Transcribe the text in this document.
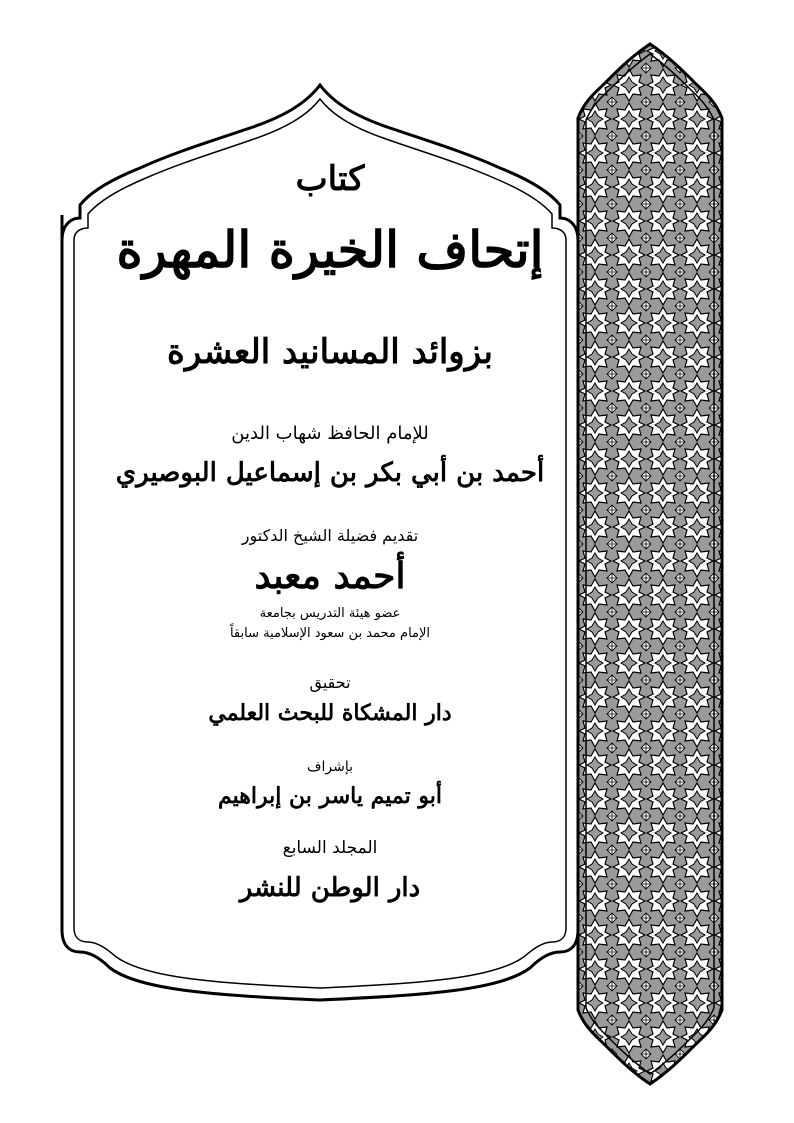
كتاب
إتحاف الخيرة المهرة
بزوائد المسانيد العشرة
للإمام الحافظ شهاب الدين
أحمد بن أبي بكر بن إسماعيل البوصيري
تقديم فضيلة الشيخ الدكتور
أحمد معبد
عضو هيئة التدريس بجامعة
الإمام محمد بن سعود الإسلامية سابقاً
تحقيق
دار المشكاة للبحث العلمي
بإشراف
أبو تميم ياسر بن إبراهيم
المجلد السابع
دار الوطن للنشر
